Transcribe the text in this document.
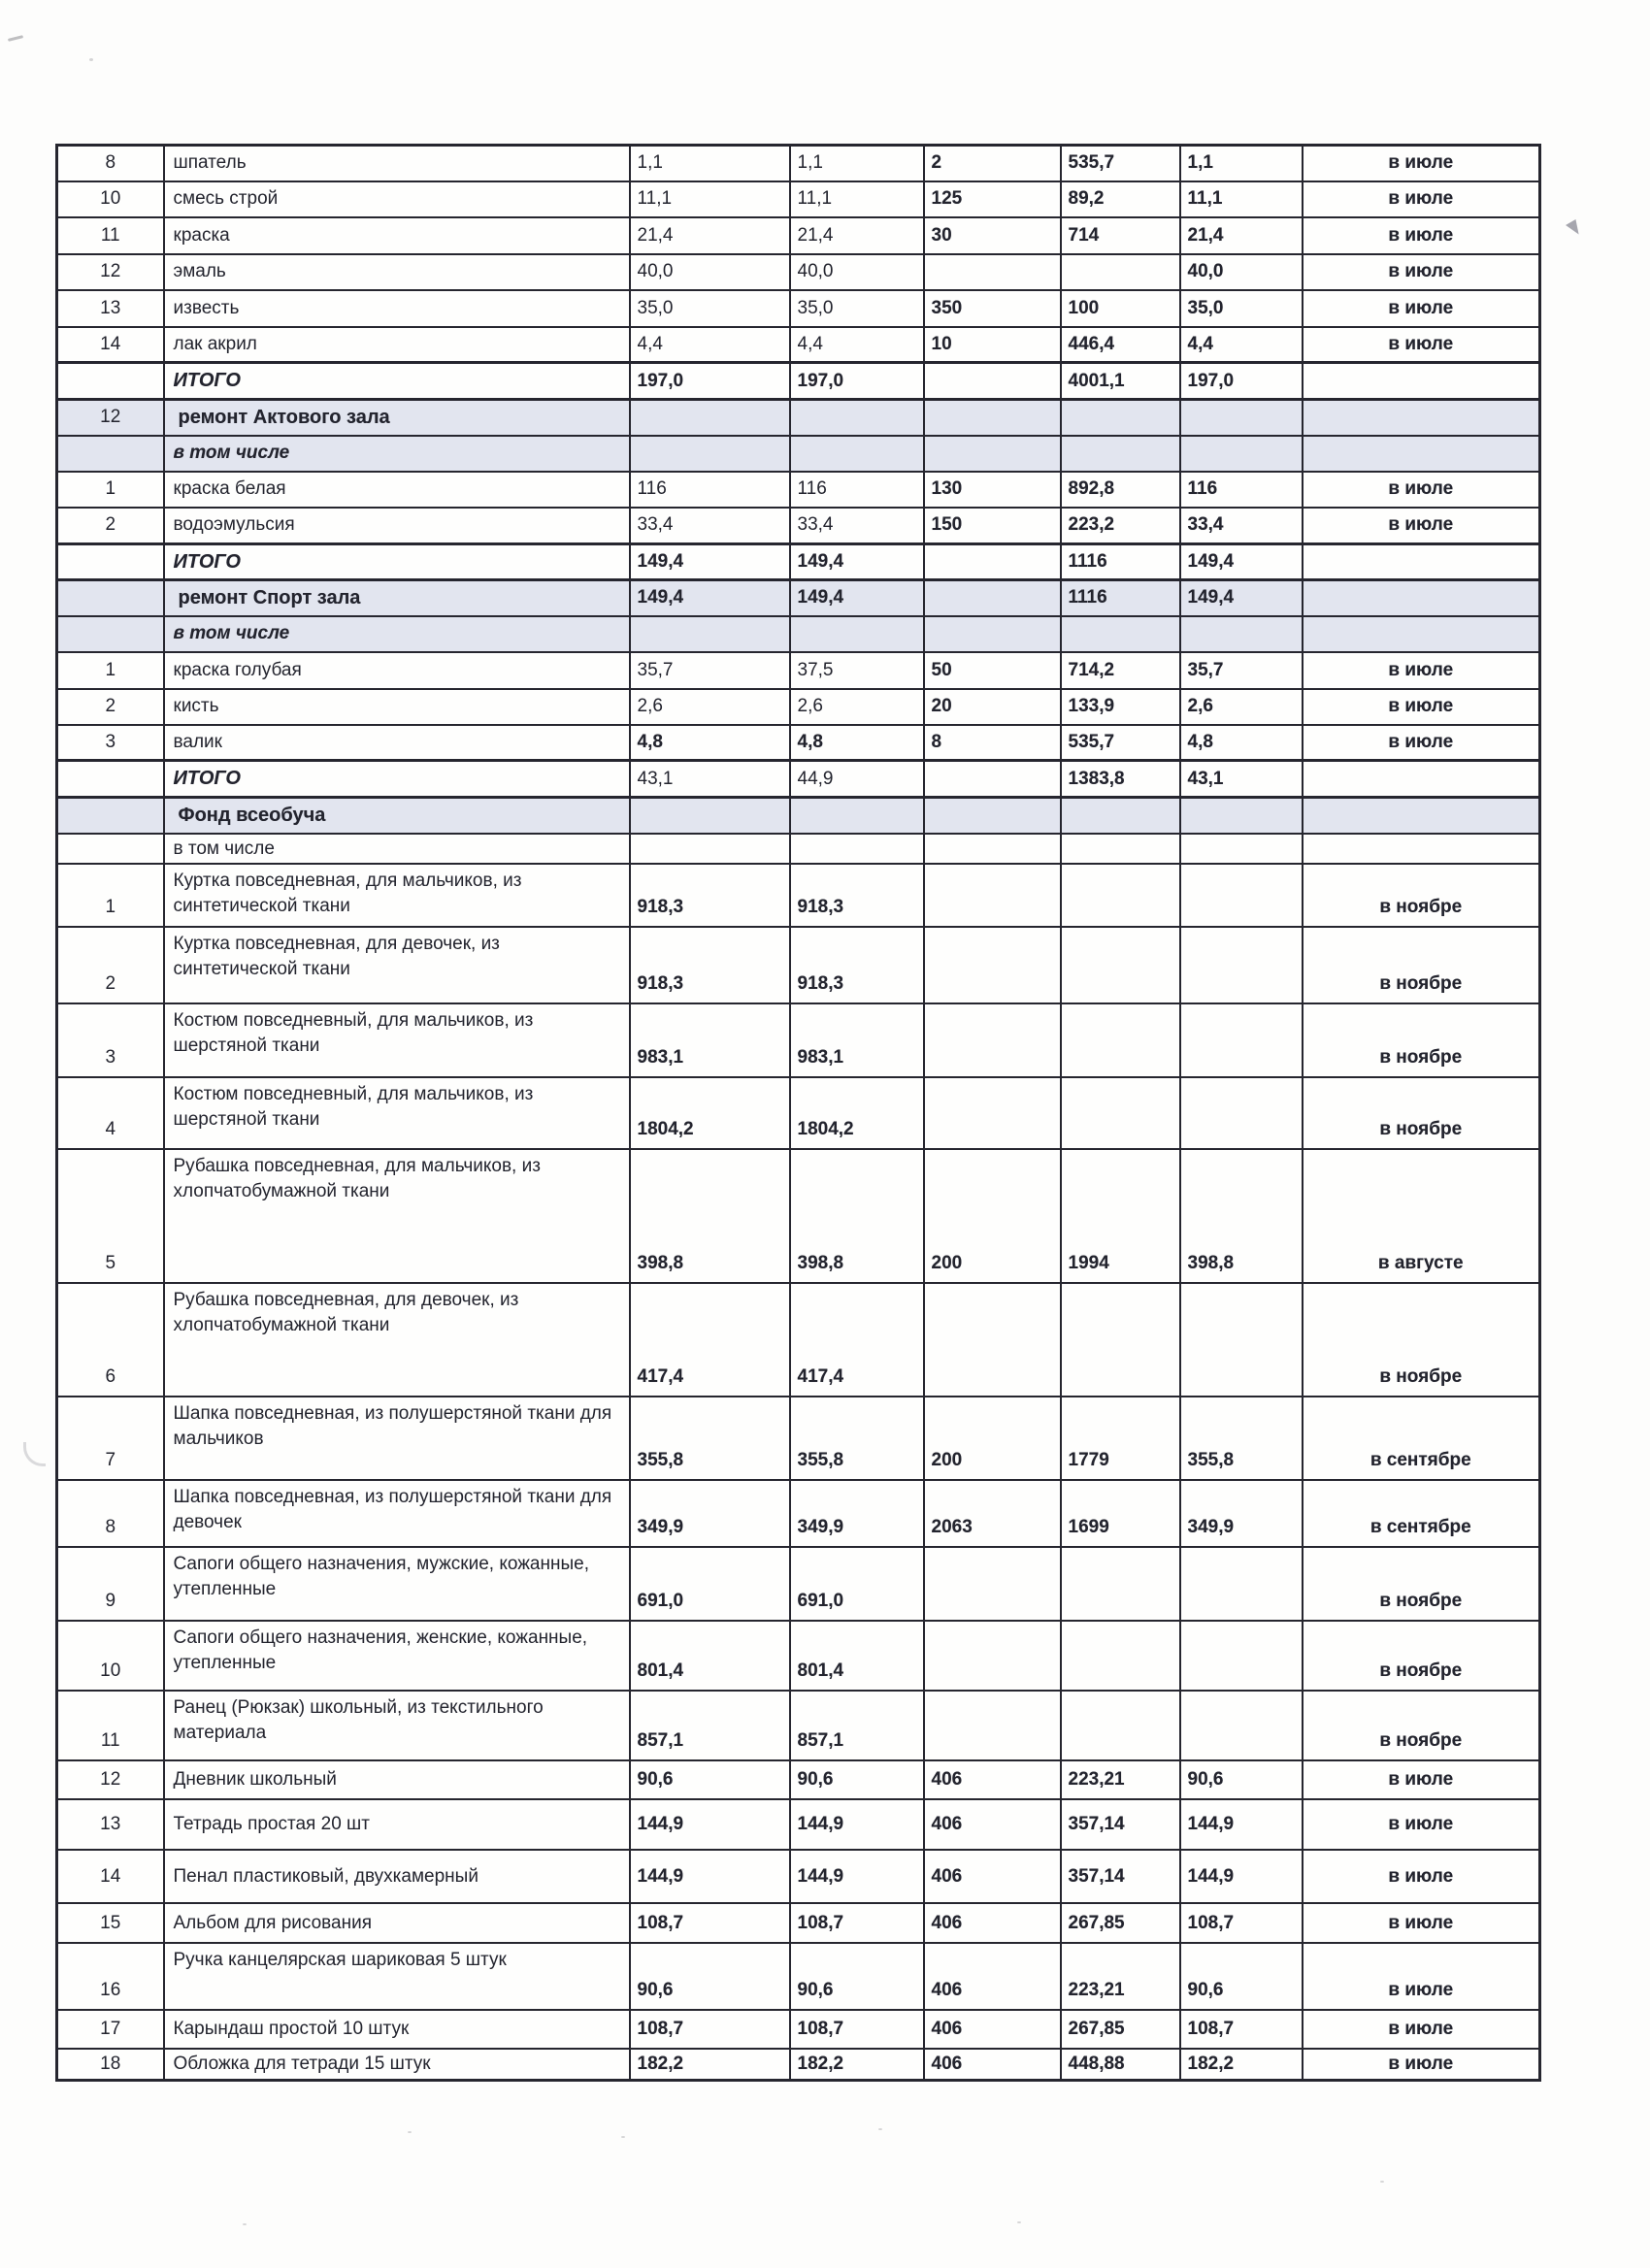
8	шпатель	1,1	1,1	2	535,7	1,1	в июле
10	смесь строй	11,1	11,1	125	89,2	11,1	в июле
11	краска	21,4	21,4	30	714	21,4	в июле
12	эмаль	40,0	40,0			40,0	в июле
13	известь	35,0	35,0	350	100	35,0	в июле
14	лак акрил	4,4	4,4	10	446,4	4,4	в июле
	ИТОГО	197,0	197,0		4001,1	197,0	
12	ремонт Актового зала						
	в том числе						
1	краска белая	116	116	130	892,8	116	в июле
2	водоэмульсия	33,4	33,4	150	223,2	33,4	в июле
	ИТОГО	149,4	149,4		1116	149,4	
	ремонт Спорт зала	149,4	149,4		1116	149,4	
	в том числе						
1	краска голубая	35,7	37,5	50	714,2	35,7	в июле
2	кисть	2,6	2,6	20	133,9	2,6	в июле
3	валик	4,8	4,8	8	535,7	4,8	в июле
	ИТОГО	43,1	44,9		1383,8	43,1	
	Фонд всеобуча						
	в том числе						
1	Куртка повседневная, для мальчиков, из синтетической ткани	918,3	918,3				в ноябре
2	Куртка повседневная, для девочек, из синтетической ткани	918,3	918,3				в ноябре
3	Костюм повседневный, для мальчиков, из шерстяной ткани	983,1	983,1				в ноябре
4	Костюм повседневный, для мальчиков, из шерстяной ткани	1804,2	1804,2				в ноябре
5	Рубашка повседневная, для мальчиков, из хлопчатобумажной ткани	398,8	398,8	200	1994	398,8	в августе
6	Рубашка повседневная, для девочек, из хлопчатобумажной ткани	417,4	417,4				в ноябре
7	Шапка повседневная, из полушерстяной ткани для мальчиков	355,8	355,8	200	1779	355,8	в сентябре
8	Шапка повседневная, из полушерстяной ткани для девочек	349,9	349,9	2063	1699	349,9	в сентябре
9	Сапоги общего назначения, мужские, кожанные, утепленные	691,0	691,0				в ноябре
10	Сапоги общего назначения, женские, кожанные, утепленные	801,4	801,4				в ноябре
11	Ранец (Рюкзак) школьный, из текстильного материала	857,1	857,1				в ноябре
12	Дневник школьный	90,6	90,6	406	223,21	90,6	в июле
13	Тетрадь простая 20 шт	144,9	144,9	406	357,14	144,9	в июле
14	Пенал пластиковый, двухкамерный	144,9	144,9	406	357,14	144,9	в июле
15	Альбом для рисования	108,7	108,7	406	267,85	108,7	в июле
16	Ручка канцелярская шариковая 5 штук	90,6	90,6	406	223,21	90,6	в июле
17	Карындаш простой 10 штук	108,7	108,7	406	267,85	108,7	в июле
18	Обложка для тетради 15 штук	182,2	182,2	406	448,88	182,2	в июле
